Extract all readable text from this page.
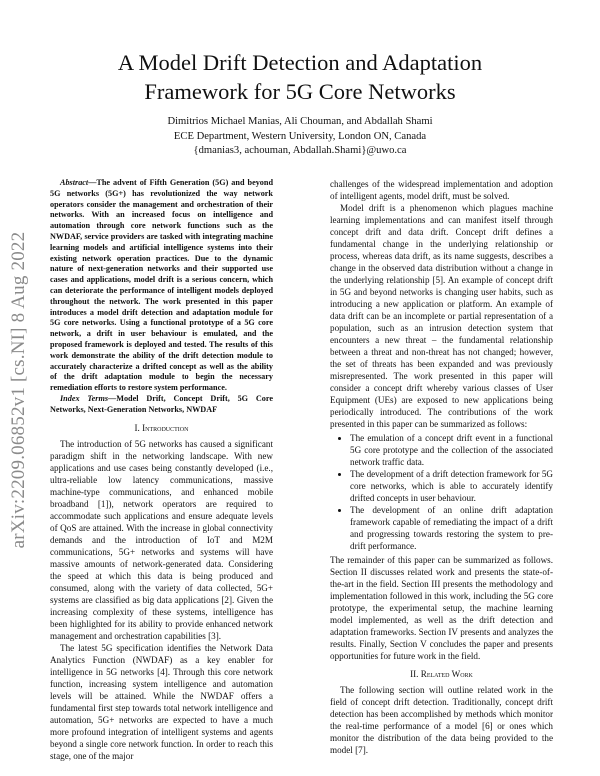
arXiv:2209.06852v1 [cs.NI] 8 Aug 2022
A Model Drift Detection and Adaptation
Framework for 5G Core Networks
Dimitrios Michael Manias, Ali Chouman, and Abdallah Shami
ECE Department, Western University, London ON, Canada
{dmanias3, achouman, Abdallah.Shami}@uwo.ca

Abstract—The advent of Fifth Generation (5G) and beyond 5G networks (5G+) has revolutionized the way network operators consider the management and orchestration of their networks. With an increased focus on intelligence and automation through core network functions such as the NWDAF, service providers are tasked with integrating machine learning models and artificial intelligence systems into their existing network operation practices. Due to the dynamic nature of next-generation networks and their supported use cases and applications, model drift is a serious concern, which can deteriorate the performance of intelligent models deployed throughout the network. The work presented in this paper introduces a model drift detection and adaptation module for 5G core networks. Using a functional prototype of a 5G core network, a drift in user behaviour is emulated, and the proposed framework is deployed and tested. The results of this work demonstrate the ability of the drift detection module to accurately characterize a drifted concept as well as the ability of the drift adaptation module to begin the necessary remediation efforts to restore system performance.

Index Terms—Model Drift, Concept Drift, 5G Core Networks, Next-Generation Networks, NWDAF

I. Introduction

The introduction of 5G networks has caused a significant paradigm shift in the networking landscape. With new applications and use cases being constantly developed (i.e., ultra-reliable low latency communications, massive machine-type communications, and enhanced mobile broadband [1]), network operators are required to accommodate such applications and ensure adequate levels of QoS are attained. With the increase in global connectivity demands and the introduction of IoT and M2M communications, 5G+ networks and systems will have massive amounts of network-generated data. Considering the speed at which this data is being produced and consumed, along with the variety of data collected, 5G+ systems are classified as big data applications [2]. Given the increasing complexity of these systems, intelligence has been highlighted for its ability to provide enhanced network management and orchestration capabilities [3].

The latest 5G specification identifies the Network Data Analytics Function (NWDAF) as a key enabler for intelligence in 5G networks [4]. Through this core network function, increasing system intelligence and automation levels will be attained. While the NWDAF offers a fundamental first step towards total network intelligence and automation, 5G+ networks are expected to have a much more profound integration of intelligent systems and agents beyond a single core network function. In order to reach this stage, one of the major

challenges of the widespread implementation and adoption of intelligent agents, model drift, must be solved.

Model drift is a phenomenon which plagues machine learning implementations and can manifest itself through concept drift and data drift. Concept drift defines a fundamental change in the underlying relationship or process, whereas data drift, as its name suggests, describes a change in the observed data distribution without a change in the underlying relationship [5]. An example of concept drift in 5G and beyond networks is changing user habits, such as introducing a new application or platform. An example of data drift can be an incomplete or partial representation of a population, such as an intrusion detection system that encounters a new threat – the fundamental relationship between a threat and non-threat has not changed; however, the set of threats has been expanded and was previously misrepresented. The work presented in this paper will consider a concept drift whereby various classes of User Equipment (UEs) are exposed to new applications being periodically introduced. The contributions of the work presented in this paper can be summarized as follows:

• The emulation of a concept drift event in a functional 5G core prototype and the collection of the associated network traffic data.
• The development of a drift detection framework for 5G core networks, which is able to accurately identify drifted concepts in user behaviour.
• The development of an online drift adaptation framework capable of remediating the impact of a drift and progressing towards restoring the system to pre-drift performance.

The remainder of this paper can be summarized as follows. Section II discusses related work and presents the state-of-the-art in the field. Section III presents the methodology and implementation followed in this work, including the 5G core prototype, the experimental setup, the machine learning model implemented, as well as the drift detection and adaptation frameworks. Section IV presents and analyzes the results. Finally, Section V concludes the paper and presents opportunities for future work in the field.

II. Related Work

The following section will outline related work in the field of concept drift detection. Traditionally, concept drift detection has been accomplished by methods which monitor the real-time performance of a model [6] or ones which monitor the distribution of the data being provided to the model [7].
